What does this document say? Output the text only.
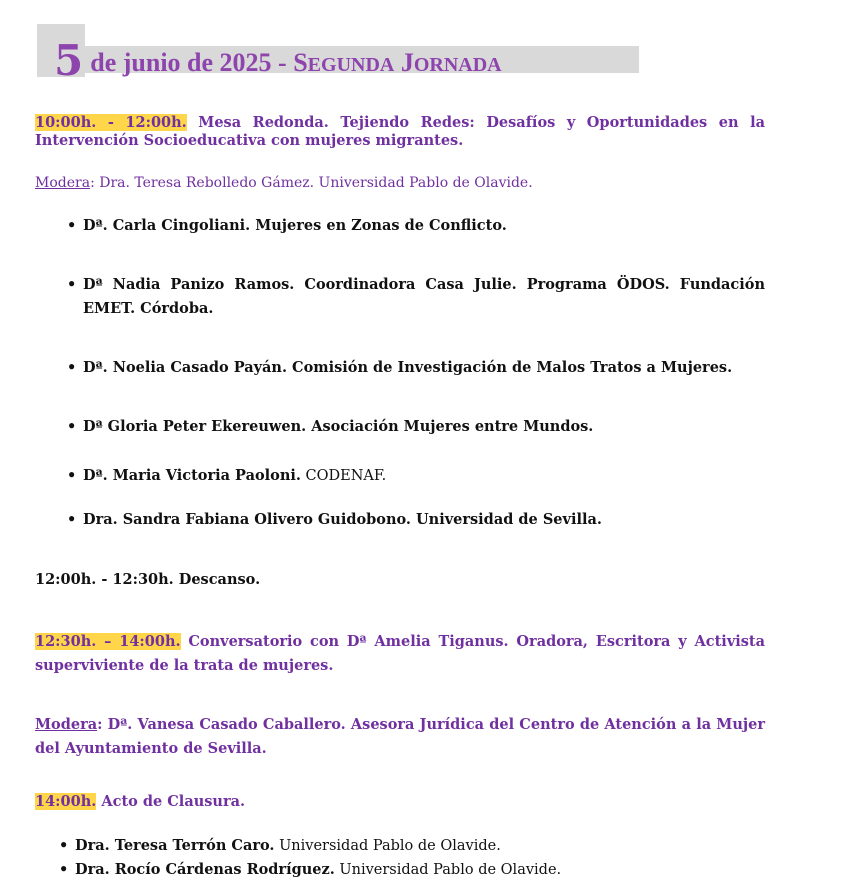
5 de junio de 2025 - SEGUNDA JORNADA
10:00h. - 12:00h. Mesa Redonda. Tejiendo Redes: Desafíos y Oportunidades en la Intervención Socioeducativa con mujeres migrantes.
Modera: Dra. Teresa Rebolledo Gámez. Universidad Pablo de Olavide.
• Dª. Carla Cingoliani. Mujeres en Zonas de Conflicto.
• Dª Nadia Panizo Ramos. Coordinadora Casa Julie. Programa ÖDOS. Fundación EMET. Córdoba.
• Dª. Noelia Casado Payán. Comisión de Investigación de Malos Tratos a Mujeres.
• Dª Gloria Peter Ekereuwen. Asociación Mujeres entre Mundos.
• Dª. Maria Victoria Paoloni. CODENAF.
• Dra. Sandra Fabiana Olivero Guidobono. Universidad de Sevilla.
12:00h. - 12:30h. Descanso.
12:30h. – 14:00h. Conversatorio con Dª Amelia Tiganus. Oradora, Escritora y Activista superviviente de la trata de mujeres.
Modera: Dª. Vanesa Casado Caballero. Asesora Jurídica del Centro de Atención a la Mujer del Ayuntamiento de Sevilla.
14:00h. Acto de Clausura.
• Dra. Teresa Terrón Caro. Universidad Pablo de Olavide.
• Dra. Rocío Cárdenas Rodríguez. Universidad Pablo de Olavide.
